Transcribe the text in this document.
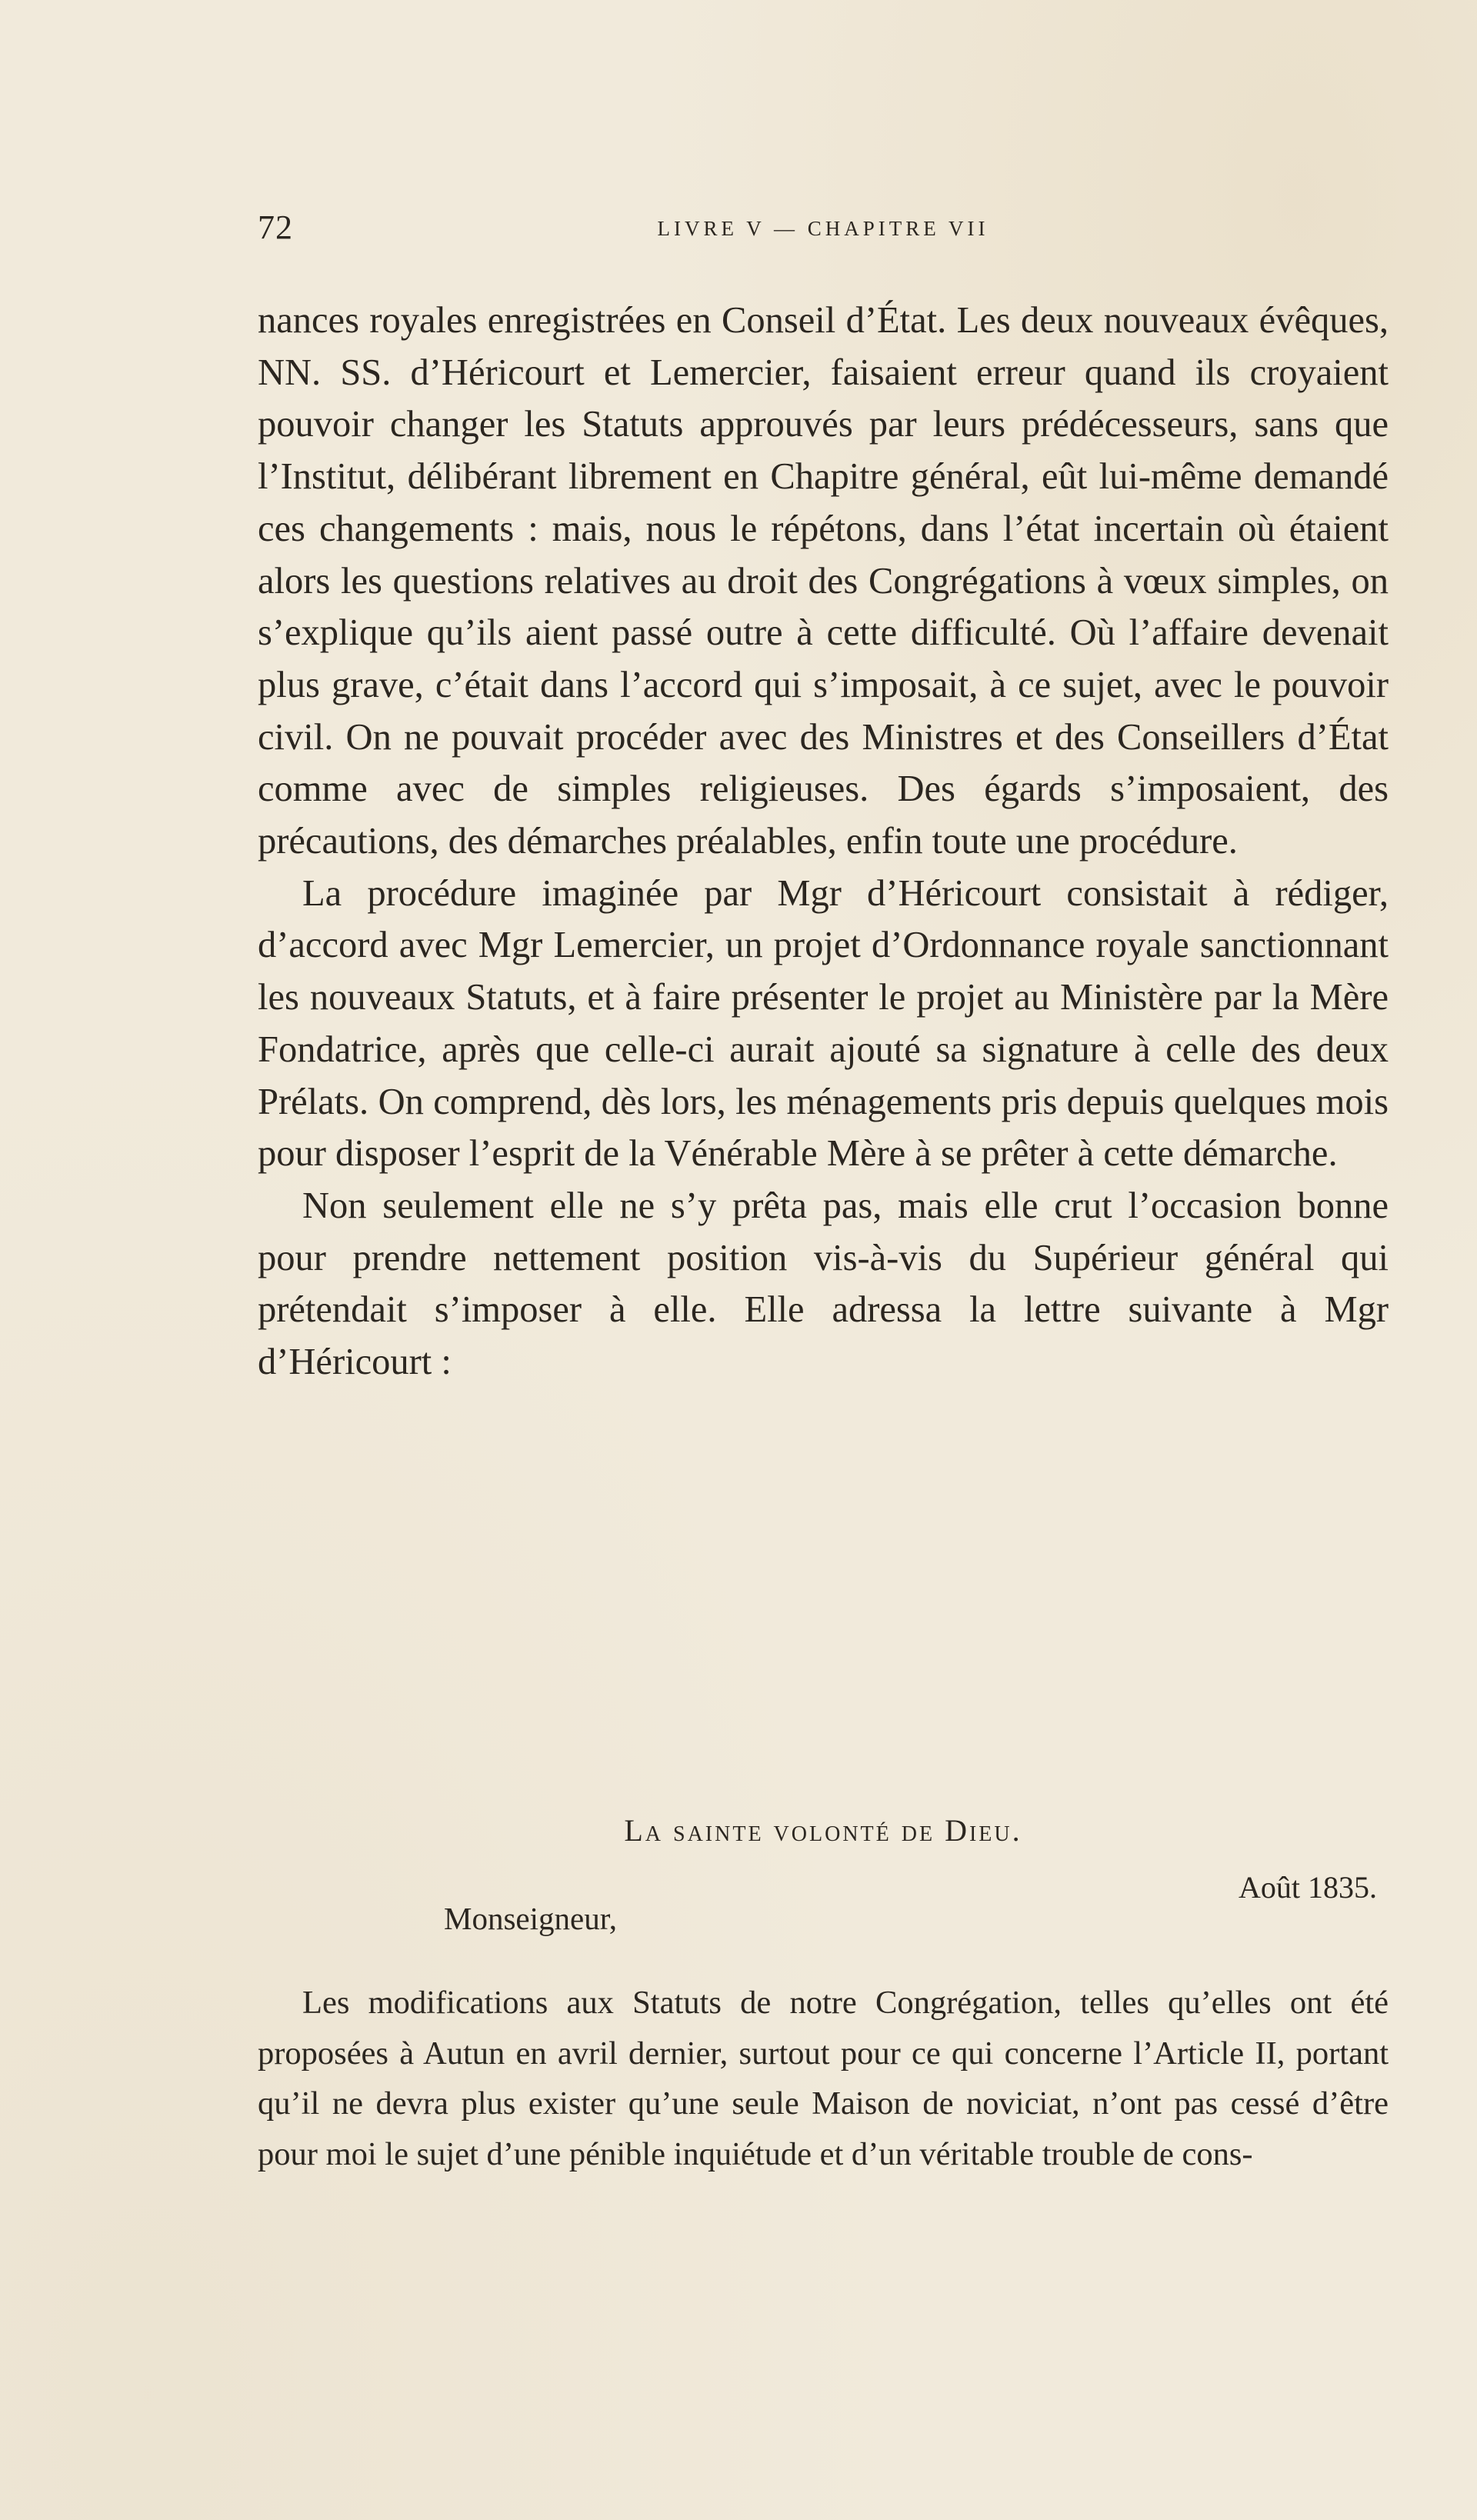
72	LIVRE V — CHAPITRE VII

nances royales enregistrées en Conseil d’État. Les deux nouveaux évêques, NN. SS. d’Héricourt et Lemercier, faisaient erreur quand ils croyaient pouvoir changer les Statuts approuvés par leurs prédécesseurs, sans que l’Institut, délibérant librement en Chapitre général, eût lui-même demandé ces changements : mais, nous le répétons, dans l’état incertain où étaient alors les questions relatives au droit des Congrégations à vœux simples, on s’explique qu’ils aient passé outre à cette difficulté. Où l’affaire devenait plus grave, c’était dans l’accord qui s’imposait, à ce sujet, avec le pouvoir civil. On ne pouvait procéder avec des Ministres et des Conseillers d’État comme avec de simples religieuses. Des égards s’imposaient, des précautions, des démarches préalables, enfin toute une procédure.

La procédure imaginée par Mgr d’Héricourt consistait à rédiger, d’accord avec Mgr Lemercier, un projet d’Ordonnance royale sanctionnant les nouveaux Statuts, et à faire présenter le projet au Ministère par la Mère Fondatrice, après que celle-ci aurait ajouté sa signature à celle des deux Prélats. On comprend, dès lors, les ménagements pris depuis quelques mois pour disposer l’esprit de la Vénérable Mère à se prêter à cette démarche.

Non seulement elle ne s’y prêta pas, mais elle crut l’occasion bonne pour prendre nettement position vis-à-vis du Supérieur général qui prétendait s’imposer à elle. Elle adressa la lettre suivante à Mgr d’Héricourt :

La sainte volonté de Dieu.
Août 1835.
Monseigneur,

Les modifications aux Statuts de notre Congrégation, telles qu’elles ont été proposées à Autun en avril dernier, surtout pour ce qui concerne l’Article II, portant qu’il ne devra plus exister qu’une seule Maison de noviciat, n’ont pas cessé d’être pour moi le sujet d’une pénible inquiétude et d’un véritable trouble de cons-
